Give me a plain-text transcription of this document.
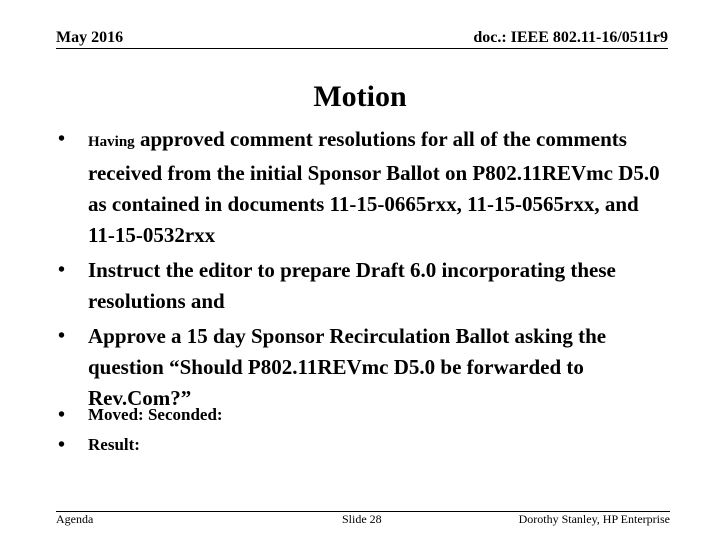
May 2016	doc.: IEEE 802.11-16/0511r9
Motion
• Having approved comment resolutions for all of the comments received from the initial Sponsor Ballot on P802.11REVmc D5.0 as contained in documents 11-15-0665rxx, 11-15-0565rxx, and 11-15-0532rxx
• Instruct the editor to prepare Draft 6.0 incorporating these resolutions and
• Approve a 15 day Sponsor Recirculation Ballot asking the question “Should P802.11REVmc D5.0 be forwarded to Rev.Com?”
• Moved: Seconded:
• Result:
Agenda	Slide 28	Dorothy Stanley, HP Enterprise
